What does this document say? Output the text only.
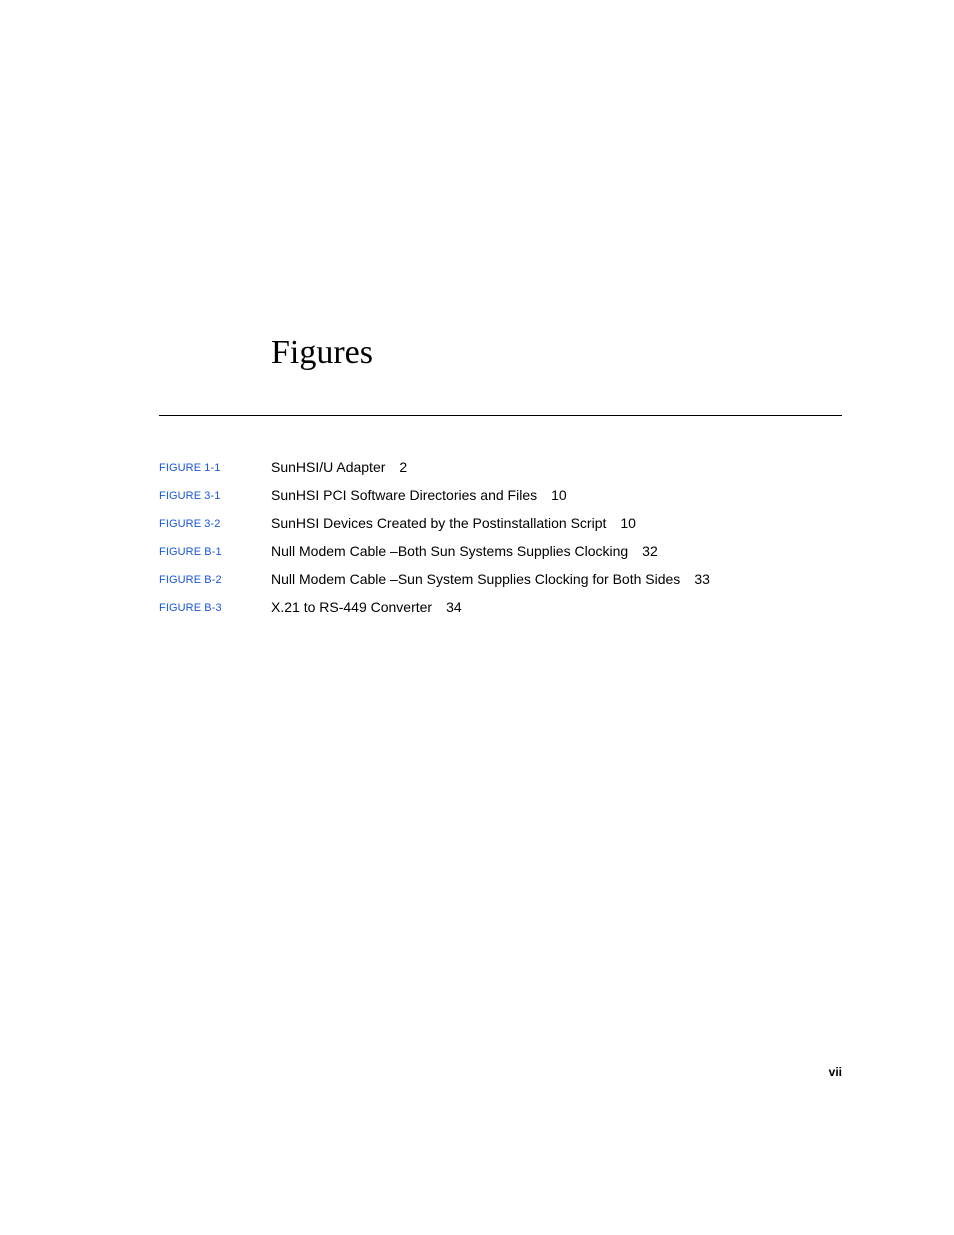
Figures
FIGURE 1-1	SunHSI/U Adapter 2
FIGURE 3-1	SunHSI PCI Software Directories and Files 10
FIGURE 3-2	SunHSI Devices Created by the Postinstallation Script 10
FIGURE B-1	Null Modem Cable –Both Sun Systems Supplies Clocking 32
FIGURE B-2	Null Modem Cable –Sun System Supplies Clocking for Both Sides 33
FIGURE B-3	X.21 to RS-449 Converter 34
vii
